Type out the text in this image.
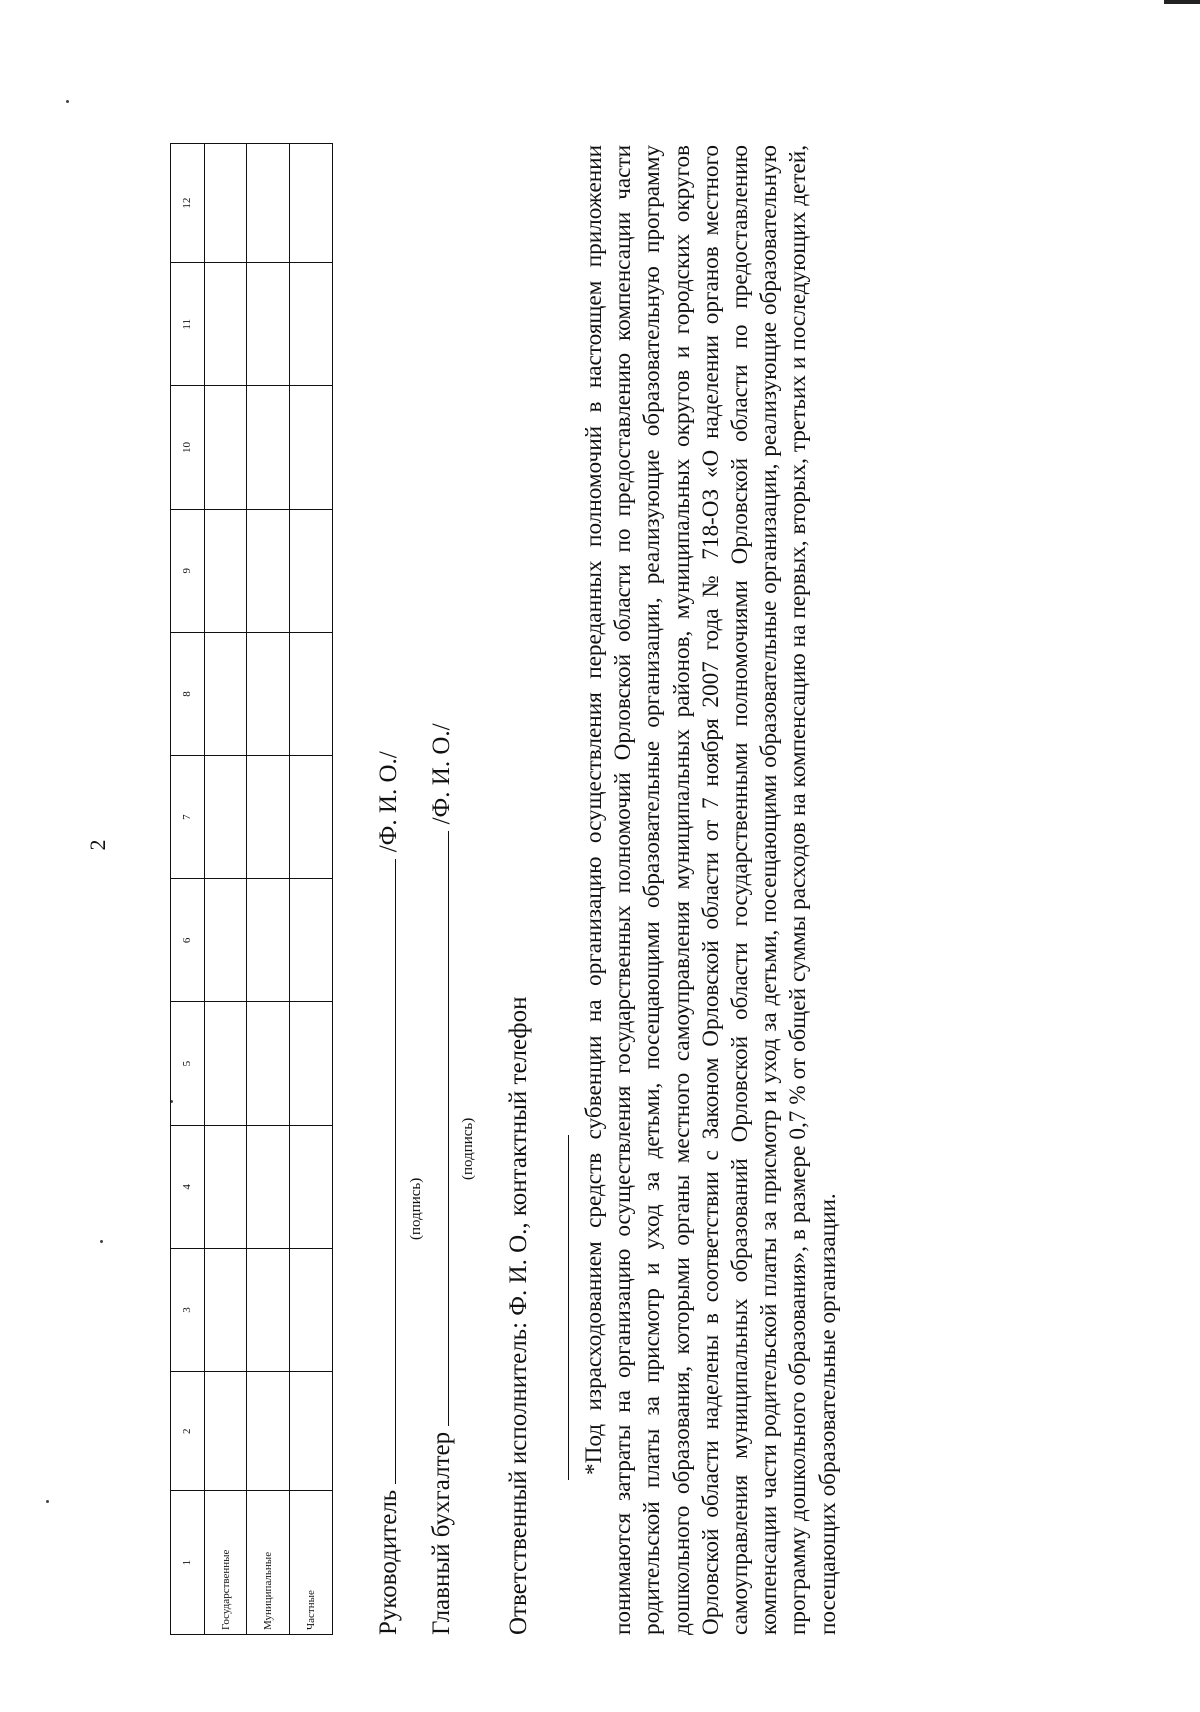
1	2	3	4	5	6	7	8	9	10	11	12
Государственные											
Муниципальные											
Частные											
2
Руководитель  /Ф. И. О./
(подпись)
Главный бухгалтер  /Ф. И. О./
(подпись) Ответственный исполнитель: Ф. И. О., контактный телефон *Под израсходованием средств субвенции на организацию осуществления переданных полномочий в настоящем приложении понимаются затраты на организацию осуществления государственных полномочий Орловской области по предоставлению компенсации части родительской платы за присмотр и уход за детьми, посещающими образовательные организации, реализующие образовательную программу дошкольного образования, которыми органы местного самоуправления муниципальных районов, муниципальных округов и городских округов Орловской области наделены в соответствии с Законом Орловской области от 7 ноября 2007 года № 718-ОЗ «О наделении органов местного самоуправления муниципальных образований Орловской области государственными полномочиями Орловской области по предоставлению компенсации части родительской платы за присмотр и уход за детьми, посещающими образовательные организации, реализующие образовательную программу дошкольного образования», в размере 0,7 % от общей суммы расходов на компенсацию на первых, вторых, третьих и последующих детей, посещающих образовательные организации.
